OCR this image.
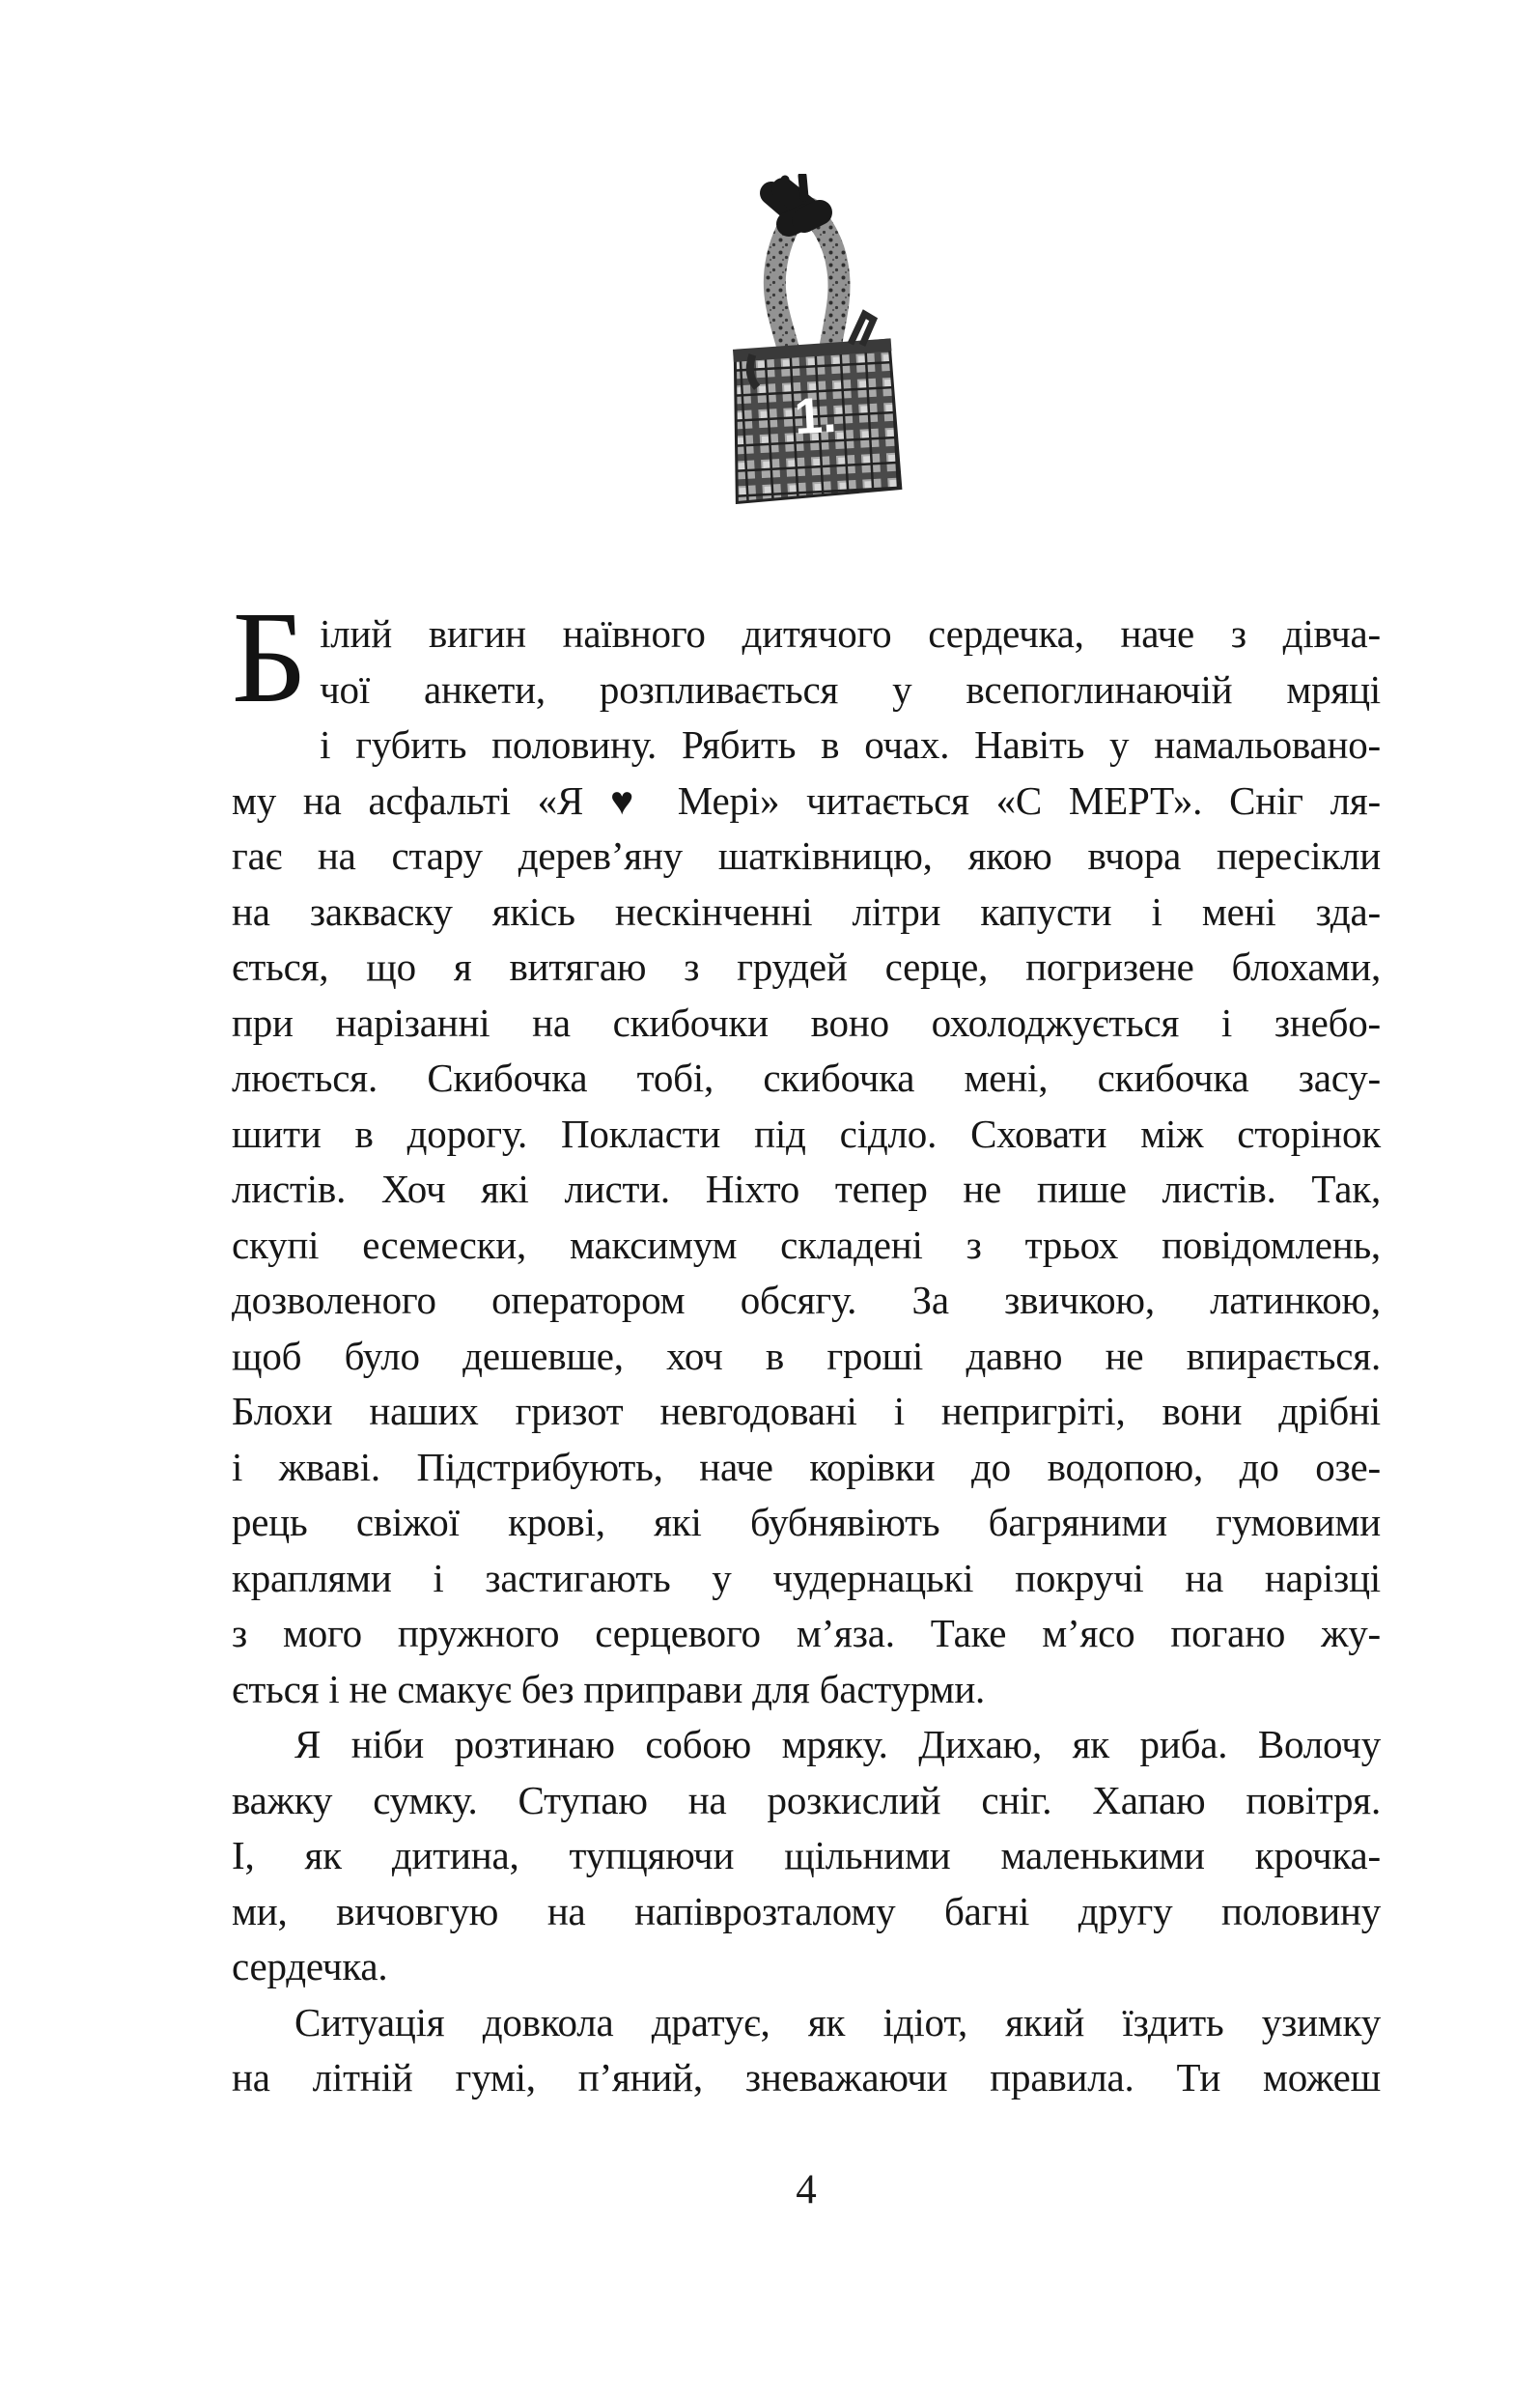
1.
Б ілий вигин наївного дитячого сердечка, наче з дівча-
чої анкети, розпливається у всепоглинаючій мряці
і губить половину. Рябить в очах. Навіть у намальовано-
му на асфальті «Я ♥ Мері» читається «С МЕРТ». Сніг ля-
гає на стару дерев’яну шатківницю, якою вчора пересікли
на закваску якісь нескінченні літри капусти і мені зда-
ється, що я витягаю з грудей серце, погризене блохами,
при нарізанні на скибочки воно охолоджується і знебо-
люється. Скибочка тобі, скибочка мені, скибочка засу-
шити в дорогу. Покласти під сідло. Сховати між сторінок
листів. Хоч які листи. Ніхто тепер не пише листів. Так,
скупі есемески, максимум складені з трьох повідомлень,
дозволеного оператором обсягу. За звичкою, латинкою,
щоб було дешевше, хоч в гроші давно не впирається.
Блохи наших гризот невгодовані і непригріті, вони дрібні
і жваві. Підстрибують, наче корівки до водопою, до озе-
рець свіжої крові, які бубнявіють багряними гумовими
краплями і застигають у чудернацькі покручі на нарізці
з мого пружного серцевого м’яза. Таке м’ясо погано жу-
ється і не смакує без приправи для бастурми.
Я ніби розтинаю собою мряку. Дихаю, як риба. Волочу
важку сумку. Ступаю на розкислий сніг. Хапаю повітря.
І, як дитина, тупцяючи щільними маленькими крочка-
ми, вичовгую на напіврозталому багні другу половину
сердечка.
Ситуація довкола дратує, як ідіот, який їздить узимку
на літній гумі, п’яний, зневажаючи правила. Ти можеш
4
